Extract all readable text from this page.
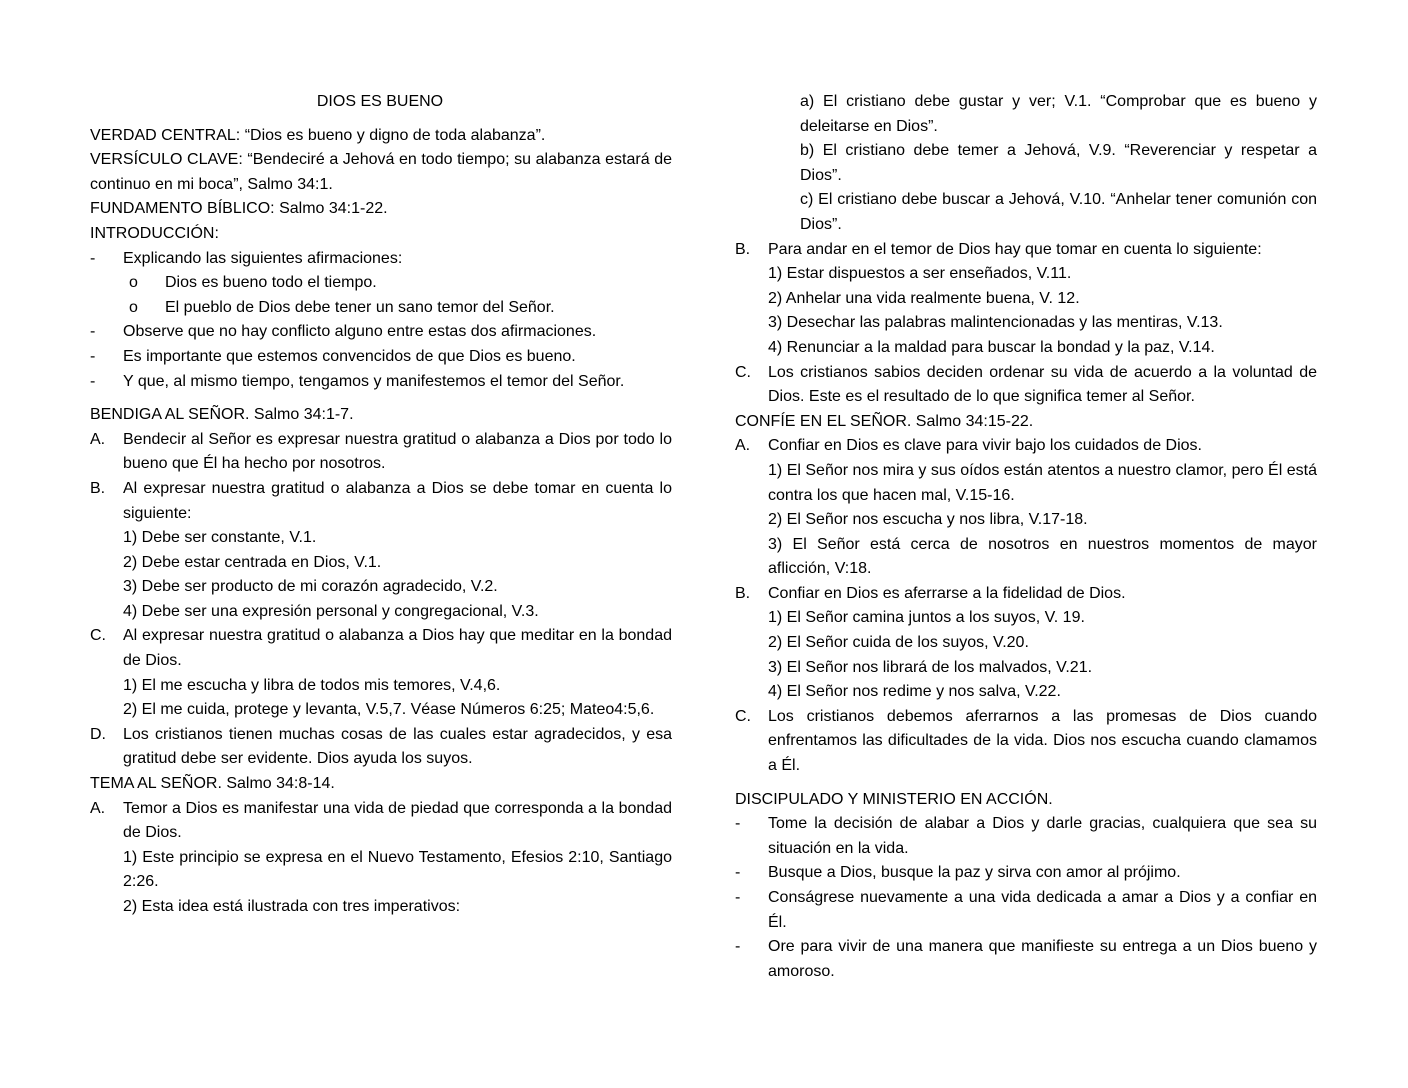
DIOS ES BUENO
VERDAD CENTRAL: “Dios es bueno y digno de toda alabanza”.
VERSÍCULO CLAVE: “Bendeciré a Jehová en todo tiempo; su alabanza estará de continuo en mi boca”, Salmo 34:1.
FUNDAMENTO BÍBLICO: Salmo 34:1-22.
INTRODUCCIÓN:
-	Explicando las siguientes afirmaciones:
o	Dios es bueno todo el tiempo.
o	El pueblo de Dios debe tener un sano temor del Señor.
-	Observe que no hay conflicto alguno entre estas dos afirmaciones.
-	Es importante que estemos convencidos de que Dios es bueno.
-	Y que, al mismo tiempo, tengamos y manifestemos el temor del Señor.
BENDIGA AL SEÑOR. Salmo 34:1-7.
A.	Bendecir al Señor es expresar nuestra gratitud o alabanza a Dios por todo lo bueno que Él ha hecho por nosotros.
B.	Al expresar nuestra gratitud o alabanza a Dios se debe tomar en cuenta lo siguiente:
1) Debe ser constante, V.1.
2) Debe estar centrada en Dios, V.1.
3) Debe ser producto de mi corazón agradecido, V.2.
4) Debe ser una expresión personal y congregacional, V.3.
C.	Al expresar nuestra gratitud o alabanza a Dios hay que meditar en la bondad de Dios.
1) El me escucha y libra de todos mis temores, V.4,6.
2) El me cuida, protege y levanta, V.5,7. Véase Números 6:25; Mateo4:5,6.
D.	Los cristianos tienen muchas cosas de las cuales estar agradecidos, y esa gratitud debe ser evidente. Dios ayuda los suyos.
TEMA AL SEÑOR. Salmo 34:8-14.
A.	Temor a Dios es manifestar una vida de piedad que corresponda a la bondad de Dios.
1) Este principio se expresa en el Nuevo Testamento, Efesios 2:10, Santiago 2:26.
2) Esta idea está ilustrada con tres imperativos:
a) El cristiano debe gustar y ver; V.1. “Comprobar que es bueno y deleitarse en Dios”.
b) El cristiano debe temer a Jehová, V.9. “Reverenciar y respetar a Dios”.
c) El cristiano debe buscar a Jehová, V.10. “Anhelar tener comunión con Dios”.
B.	Para andar en el temor de Dios hay que tomar en cuenta lo siguiente:
1) Estar dispuestos a ser enseñados, V.11.
2) Anhelar una vida realmente buena, V. 12.
3) Desechar las palabras malintencionadas y las mentiras, V.13.
4) Renunciar a la maldad para buscar la bondad y la paz, V.14.
C.	Los cristianos sabios deciden ordenar su vida de acuerdo a la voluntad de Dios. Este es el resultado de lo que significa temer al Señor.
CONFÍE EN EL SEÑOR. Salmo 34:15-22.
A.	Confiar en Dios es clave para vivir bajo los cuidados de Dios.
1) El Señor nos mira y sus oídos están atentos a nuestro clamor, pero Él está contra los que hacen mal, V.15-16.
2) El Señor nos escucha y nos libra, V.17-18.
3) El Señor está cerca de nosotros en nuestros momentos de mayor aflicción, V:18.
B.	Confiar en Dios es aferrarse a la fidelidad de Dios.
1) El Señor camina juntos a los suyos, V. 19.
2) El Señor cuida de los suyos, V.20.
3) El Señor nos librará de los malvados, V.21.
4) El Señor nos redime y nos salva, V.22.
C.	Los cristianos debemos aferrarnos a las promesas de Dios cuando enfrentamos las dificultades de la vida. Dios nos escucha cuando clamamos a Él.
DISCIPULADO Y MINISTERIO EN ACCIÓN.
-	Tome la decisión de alabar a Dios y darle gracias, cualquiera que sea su situación en la vida.
-	Busque a Dios, busque la paz y sirva con amor al prójimo.
-	Conságrese nuevamente a una vida dedicada a amar a Dios y a confiar en Él.
-	Ore para vivir de una manera que manifieste su entrega a un Dios bueno y amoroso.
